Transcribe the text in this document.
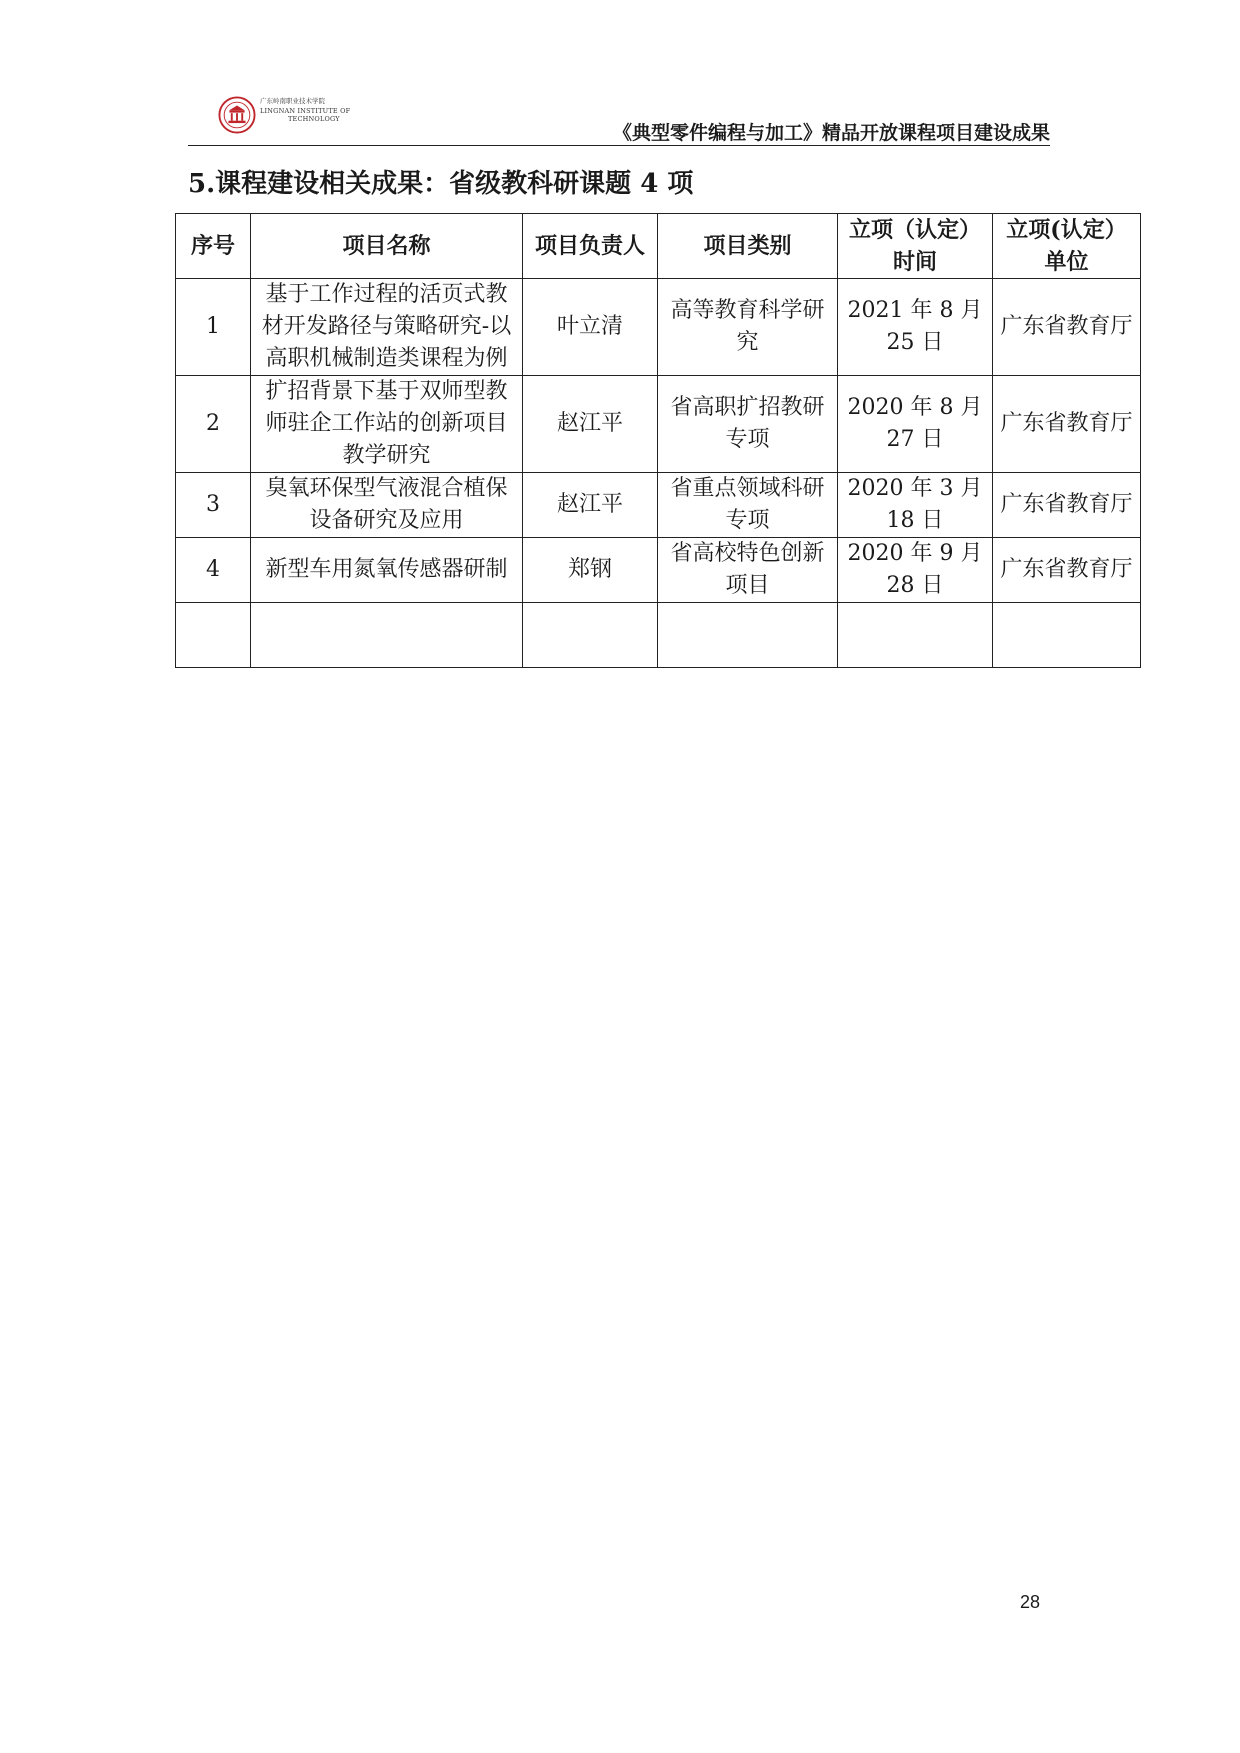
广东岭南职业技术学院
LINGNAN INSTITUTE OF
TECHNOLOGY
《典型零件编程与加工》精品开放课程项目建设成果
5.课程建设相关成果：省级教科研课题 4 项
序号	项目名称	项目负责人	项目类别	立项（认定）时间	立项(认定）单位
1	基于工作过程的活页式教材开发路径与策略研究-以高职机械制造类课程为例	叶立清	高等教育科学研究	2021 年 8 月 25 日	广东省教育厅
2	扩招背景下基于双师型教师驻企工作站的创新项目教学研究	赵江平	省高职扩招教研专项	2020 年 8 月 27 日	广东省教育厅
3	臭氧环保型气液混合植保设备研究及应用	赵江平	省重点领域科研专项	2020 年 3 月 18 日	广东省教育厅
4	新型车用氮氧传感器研制	郑钢	省高校特色创新项目	2020 年 9 月 28 日	广东省教育厅

28
